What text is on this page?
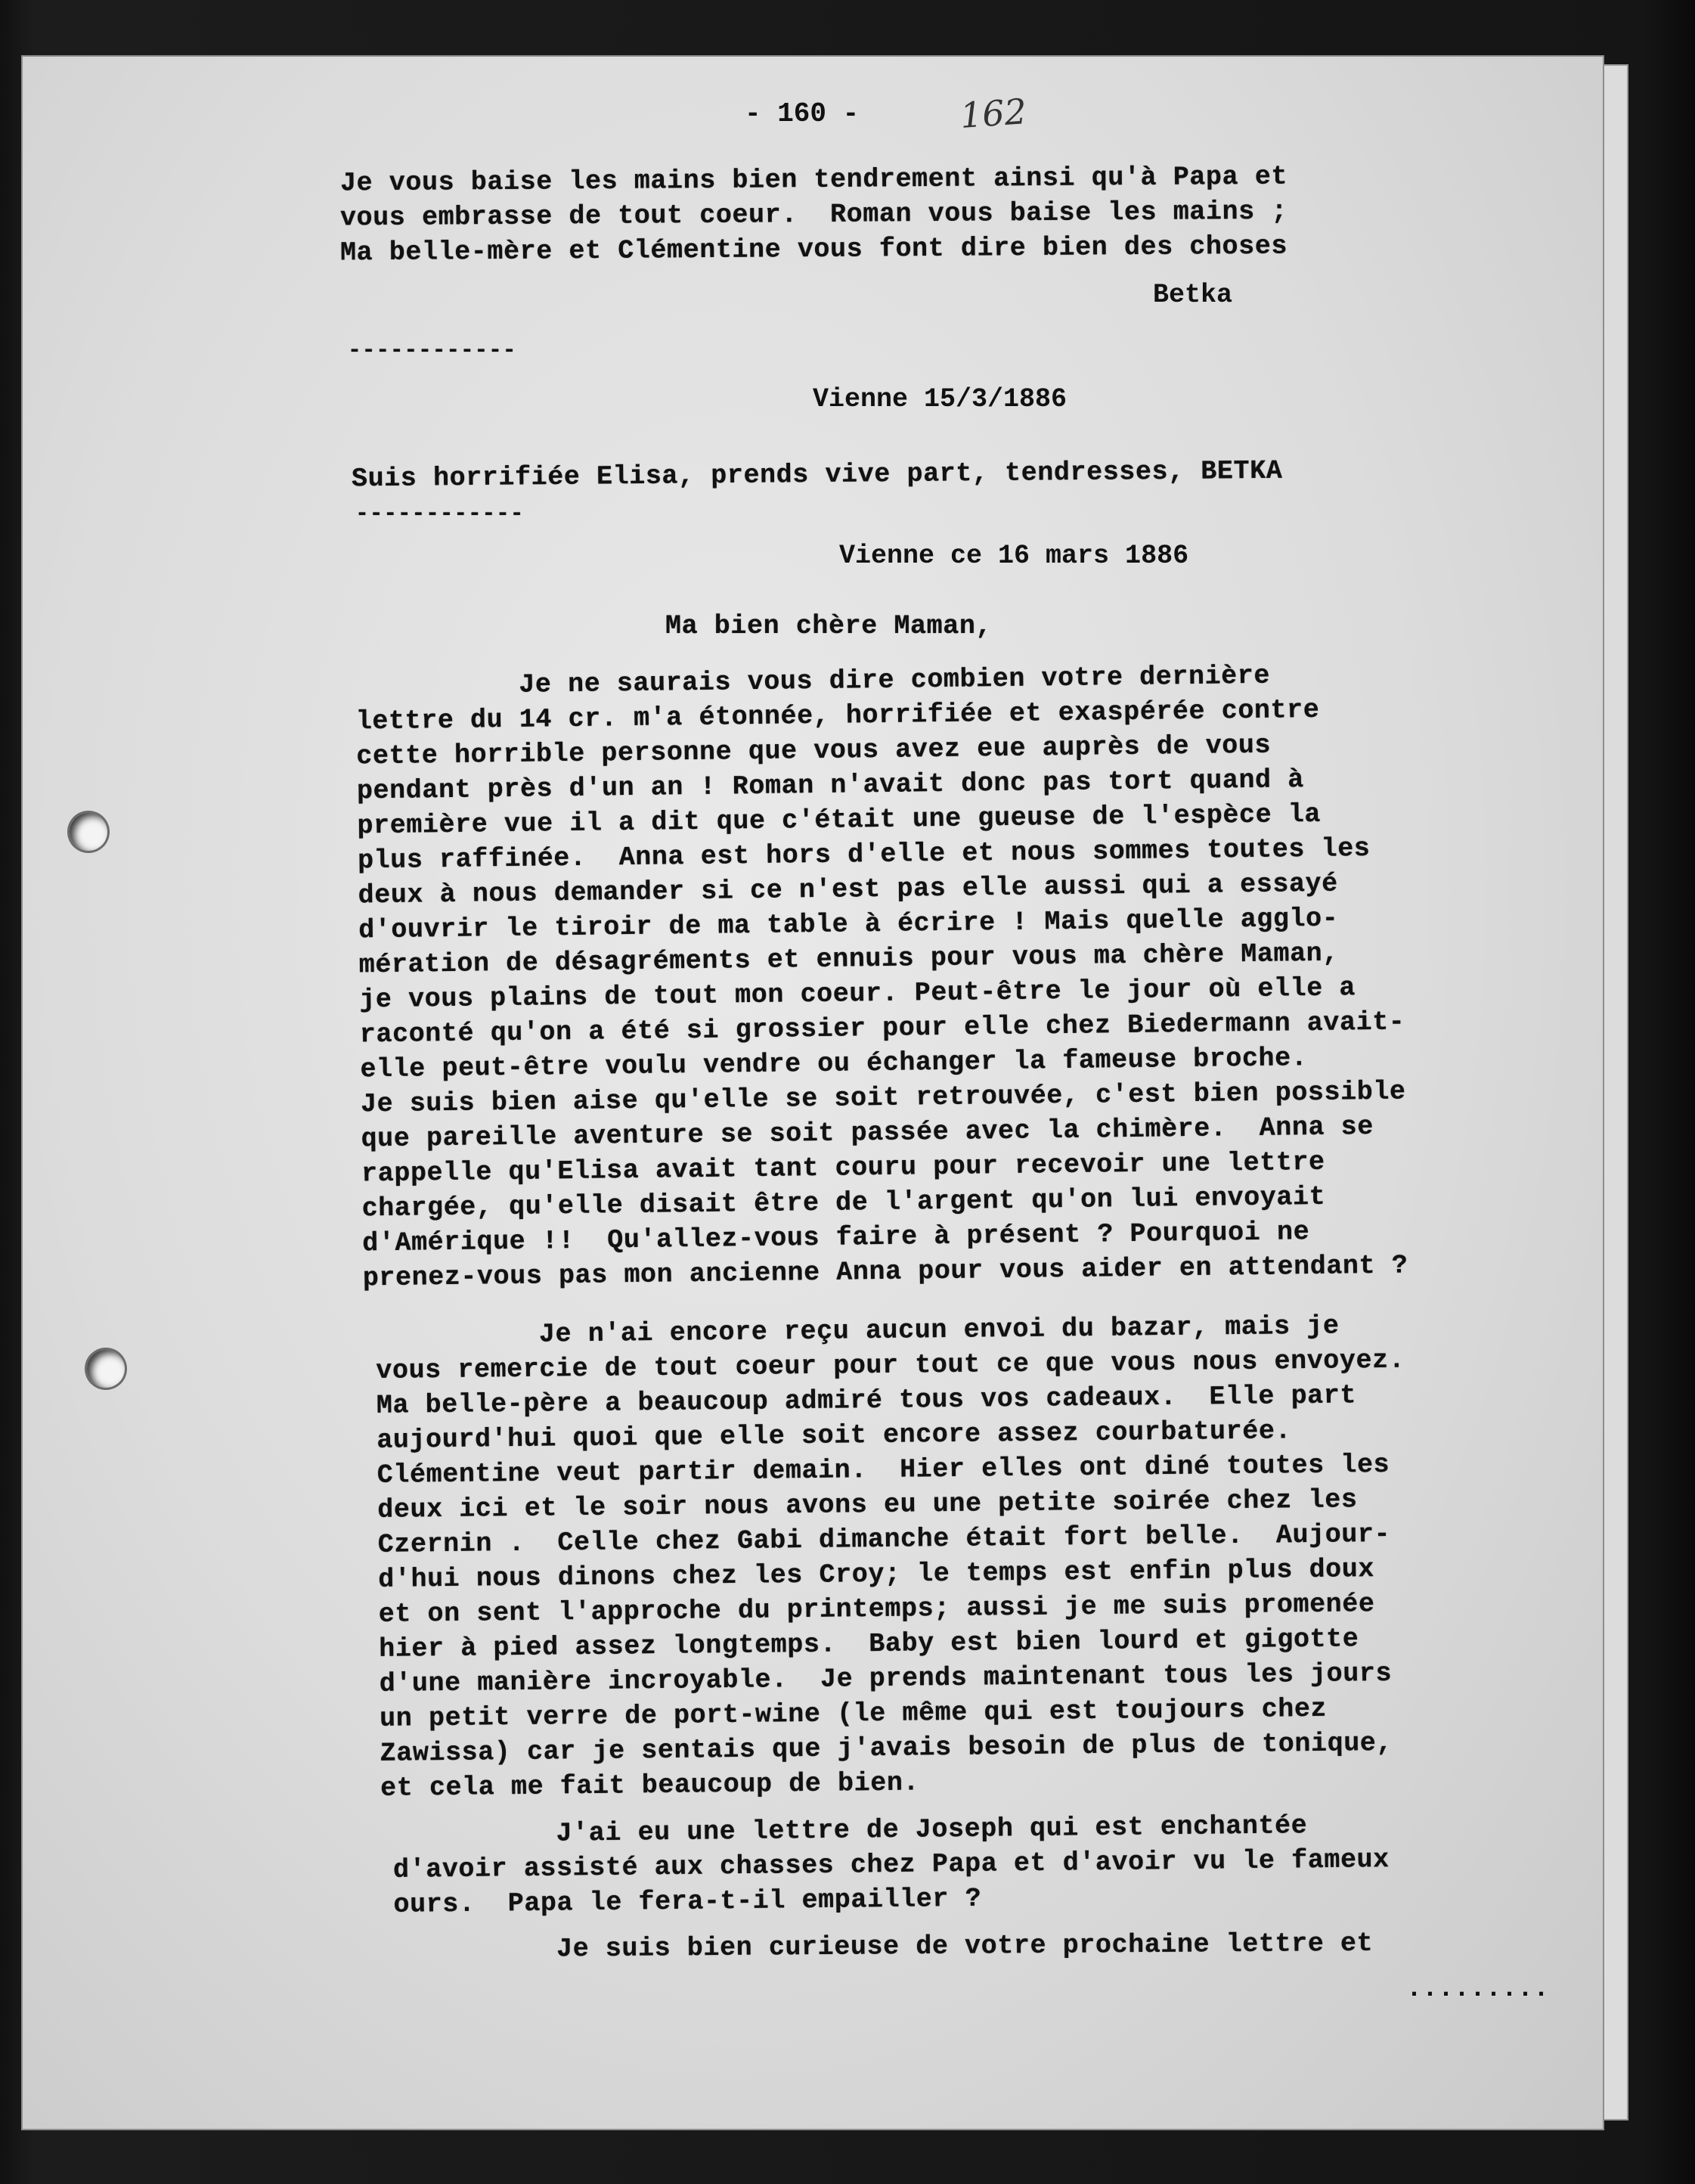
- 160 -	162
Je vous baise les mains bien tendrement ainsi qu'à Papa et
vous embrasse de tout coeur.  Roman vous baise les mains ;
Ma belle-mère et Clémentine vous font dire bien des choses
Betka
------------
Vienne 15/3/1886
Suis horrifiée Elisa, prends vive part, tendresses, BETKA
------------
Vienne ce 16 mars 1886
Ma bien chère Maman,
Je ne saurais vous dire combien votre dernière
lettre du 14 cr. m'a étonnée, horrifiée et exaspérée contre
cette horrible personne que vous avez eue auprès de vous
pendant près d'un an ! Roman n'avait donc pas tort quand à
première vue il a dit que c'était une gueuse de l'espèce la
plus raffinée.  Anna est hors d'elle et nous sommes toutes les
deux à nous demander si ce n'est pas elle aussi qui a essayé
d'ouvrir le tiroir de ma table à écrire ! Mais quelle agglo-
mération de désagréments et ennuis pour vous ma chère Maman,
je vous plains de tout mon coeur. Peut-être le jour où elle a
raconté qu'on a été si grossier pour elle chez Biedermann avait-
elle peut-être voulu vendre ou échanger la fameuse broche.
Je suis bien aise qu'elle se soit retrouvée, c'est bien possible
que pareille aventure se soit passée avec la chimère.  Anna se
rappelle qu'Elisa avait tant couru pour recevoir une lettre
chargée, qu'elle disait être de l'argent qu'on lui envoyait
d'Amérique !!  Qu'allez-vous faire à présent ? Pourquoi ne
prenez-vous pas mon ancienne Anna pour vous aider en attendant ?
Je n'ai encore reçu aucun envoi du bazar, mais je
vous remercie de tout coeur pour tout ce que vous nous envoyez.
Ma belle-père a beaucoup admiré tous vos cadeaux.  Elle part
aujourd'hui quoi que elle soit encore assez courbaturée.
Clémentine veut partir demain.  Hier elles ont diné toutes les
deux ici et le soir nous avons eu une petite soirée chez les
Czernin .  Celle chez Gabi dimanche était fort belle.  Aujour-
d'hui nous dinons chez les Croy; le temps est enfin plus doux
et on sent l'approche du printemps; aussi je me suis promenée
hier à pied assez longtemps.  Baby est bien lourd et gigotte
d'une manière incroyable.  Je prends maintenant tous les jours
un petit verre de port-wine (le même qui est toujours chez
Zawissa) car je sentais que j'avais besoin de plus de tonique,
et cela me fait beaucoup de bien.
J'ai eu une lettre de Joseph qui est enchantée
d'avoir assisté aux chasses chez Papa et d'avoir vu le fameux
ours.  Papa le fera-t-il empailler ?
Je suis bien curieuse de votre prochaine lettre et
.........
